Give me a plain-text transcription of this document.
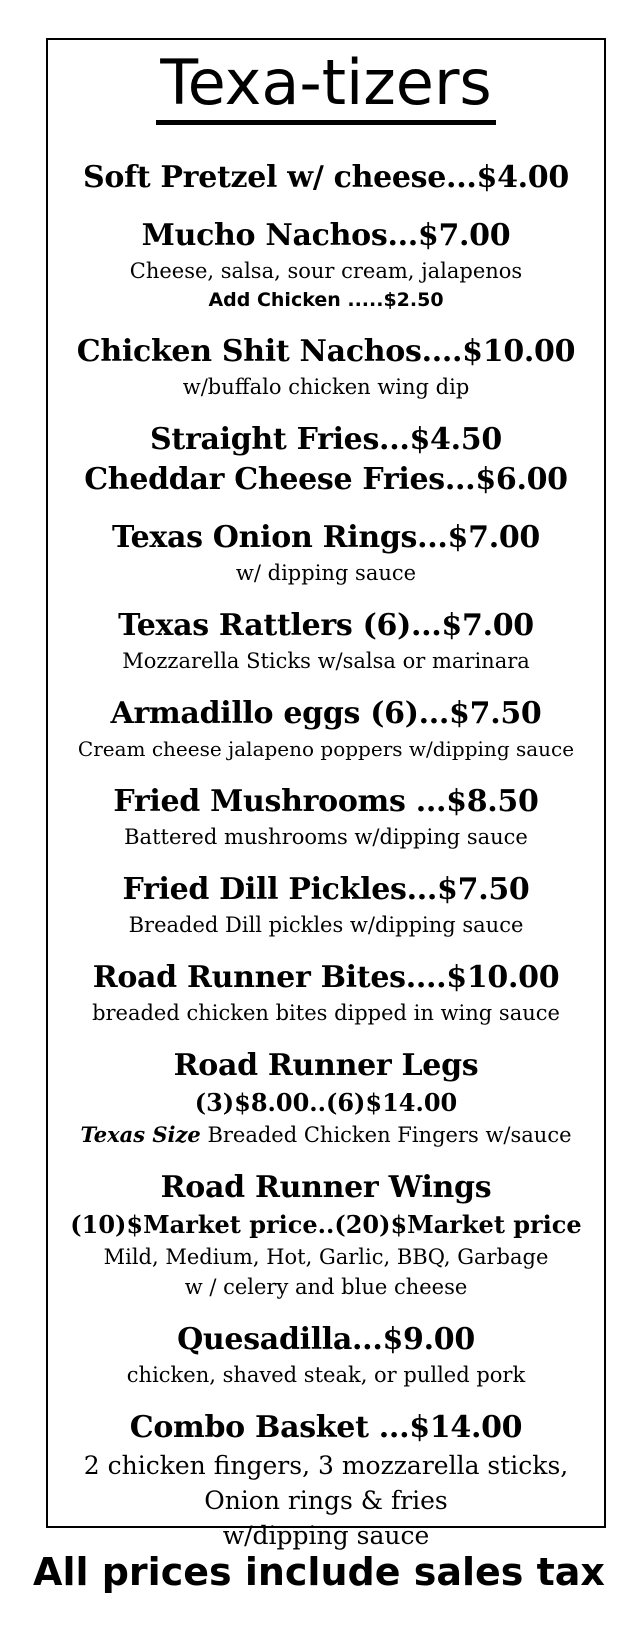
Texa-tizers
Soft Pretzel w/ cheese...$4.00
Mucho Nachos...$7.00
Cheese, salsa, sour cream, jalapenos
Add Chicken .....$2.50
Chicken Shit Nachos....$10.00
w/buffalo chicken wing dip
Straight Fries...$4.50
Cheddar Cheese Fries...$6.00
Texas Onion Rings...$7.00
w/ dipping sauce
Texas Rattlers (6)...$7.00
Mozzarella Sticks w/salsa or marinara
Armadillo eggs (6)...$7.50
Cream cheese jalapeno poppers w/dipping sauce
Fried Mushrooms ...$8.50
Battered mushrooms w/dipping sauce
Fried Dill Pickles...$7.50
Breaded Dill pickles w/dipping sauce
Road Runner Bites....$10.00
breaded chicken bites dipped in wing sauce
Road Runner Legs
(3)$8.00..(6)$14.00
Texas Size Breaded Chicken Fingers w/sauce
Road Runner Wings
(10)$Market price..(20)$Market price
Mild, Medium, Hot, Garlic, BBQ, Garbage
w / celery and blue cheese
Quesadilla...$9.00
chicken, shaved steak, or pulled pork
Combo Basket ...$14.00
2 chicken fingers, 3 mozzarella sticks,
Onion rings & fries
w/dipping sauce
All prices include sales tax
